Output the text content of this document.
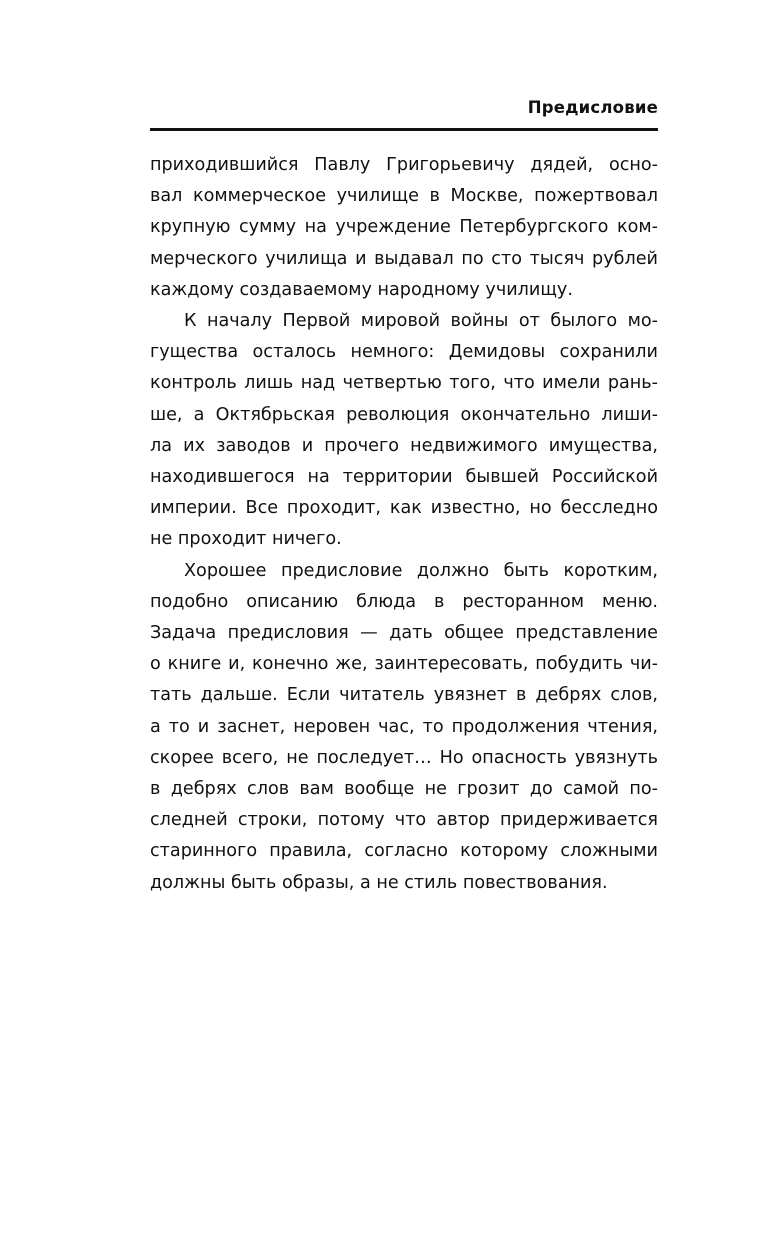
Предисловие

приходившийся Павлу Григорьевичу дядей, осно-
вал коммерческое училище в Москве, пожертвовал
крупную сумму на учреждение Петербургского ком-
мерческого училища и выдавал по сто тысяч рублей
каждому создаваемому народному училищу.

К началу Первой мировой войны от былого мо-
гущества осталось немного: Демидовы сохранили
контроль лишь над четвертью того, что имели рань-
ше, а Октябрьская революция окончательно лиши-
ла их заводов и прочего недвижимого имущества,
находившегося на территории бывшей Российской
империи. Все проходит, как известно, но бесследно
не проходит ничего.

Хорошее предисловие должно быть коротким,
подобно описанию блюда в ресторанном меню.
Задача предисловия — дать общее представление
о книге и, конечно же, заинтересовать, побудить чи-
тать дальше. Если читатель увязнет в дебрях слов,
а то и заснет, неровен час, то продолжения чтения,
скорее всего, не последует… Но опасность увязнуть
в дебрях слов вам вообще не грозит до самой по-
следней строки, потому что автор придерживается
старинного правила, согласно которому сложными
должны быть образы, а не стиль повествования.
